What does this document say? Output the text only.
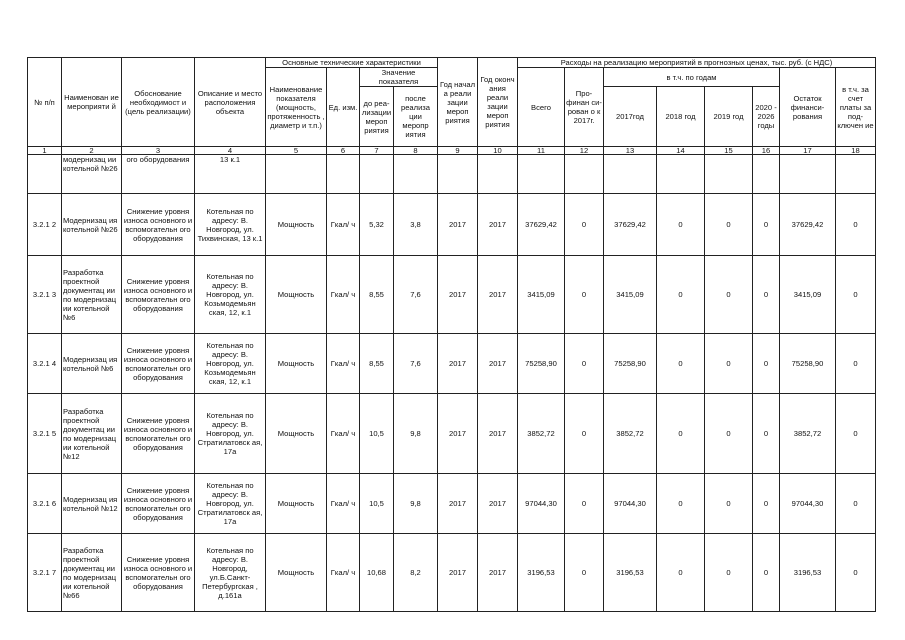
№ п/п	Наименован ие мероприяти й	Обоснование необходимост и (цель реализации)	Описание и место расположения объекта	Основные технические характеристики				Год начал а реали зации мероп риятия	Год оконч ания реали зации мероп риятия	Расходы на реализацию мероприятий в прогнозных ценах, тыс. руб. (с НДС)							
				Наименование показателя (мощность, протяженность , диаметр и т.п.)	Ед. изм.	Значение показателя				Всего	Про- финан си- рован о к 2017г.	в т.ч. по годам				Остаток финанси- рования	в т.ч. за счет платы за под- ключен ие
						до реа- лизации мероп риятия	после реализа ции меропр иятия					2017год	2018 год	2019 год	2020 - 2026 годы		
1	2	3	4	5	6	7	8	9	10	11	12	13	14	15	16	17	18
	модернизац ии котельной №26	ого оборудования	13 к.1														
3.2.1 2	Модернизац ия котельной №26	Снижение уровня износа основного и вспомогательн ого оборудования	Котельная по адресу: В. Новгород, ул. Тихвинская, 13 к.1	Мощность	Гкал/ ч	5,32	3,8	2017	2017	37629,42	0	37629,42	0	0	0	37629,42	0
3.2.1 3	Разработка проектной документац ии по модернизац ии котельной №6	Снижение уровня износа основного и вспомогательн ого оборудования	Котельная по адресу: В. Новгород, ул. Козьмодемьян ская, 12, к.1	Мощность	Гкал/ ч	8,55	7,6	2017	2017	3415,09	0	3415,09	0	0	0	3415,09	0
3.2.1 4	Модернизац ия котельной №6	Снижение уровня износа основного и вспомогательн ого оборудования	Котельная по адресу: В. Новгород, ул. Козьмодемьян ская, 12, к.1	Мощность	Гкал/ ч	8,55	7,6	2017	2017	75258,90	0	75258,90	0	0	0	75258,90	0
3.2.1 5	Разработка проектной документац ии по модернизац ии котельной №12	Снижение уровня износа основного и вспомогательн ого оборудования	Котельная по адресу: В. Новгород, ул. Стратилатовск ая, 17а	Мощность	Гкал/ ч	10,5	9,8	2017	2017	3852,72	0	3852,72	0	0	0	3852,72	0
3.2.1 6	Модернизац ия котельной №12	Снижение уровня износа основного и вспомогательн ого оборудования	Котельная по адресу: В. Новгород, ул. Стратилатовск ая, 17а	Мощность	Гкал/ ч	10,5	9,8	2017	2017	97044,30	0	97044,30	0	0	0	97044,30	0
3.2.1 7	Разработка проектной документац ии по модернизац ии котельной №66	Снижение уровня износа основного и вспомогательн ого оборудования	Котельная по адресу: В. Новгород, ул.Б.Санкт- Петербургская , д.161а	Мощность	Гкал/ ч	10,68	8,2	2017	2017	3196,53	0	3196,53	0	0	0	3196,53	0
